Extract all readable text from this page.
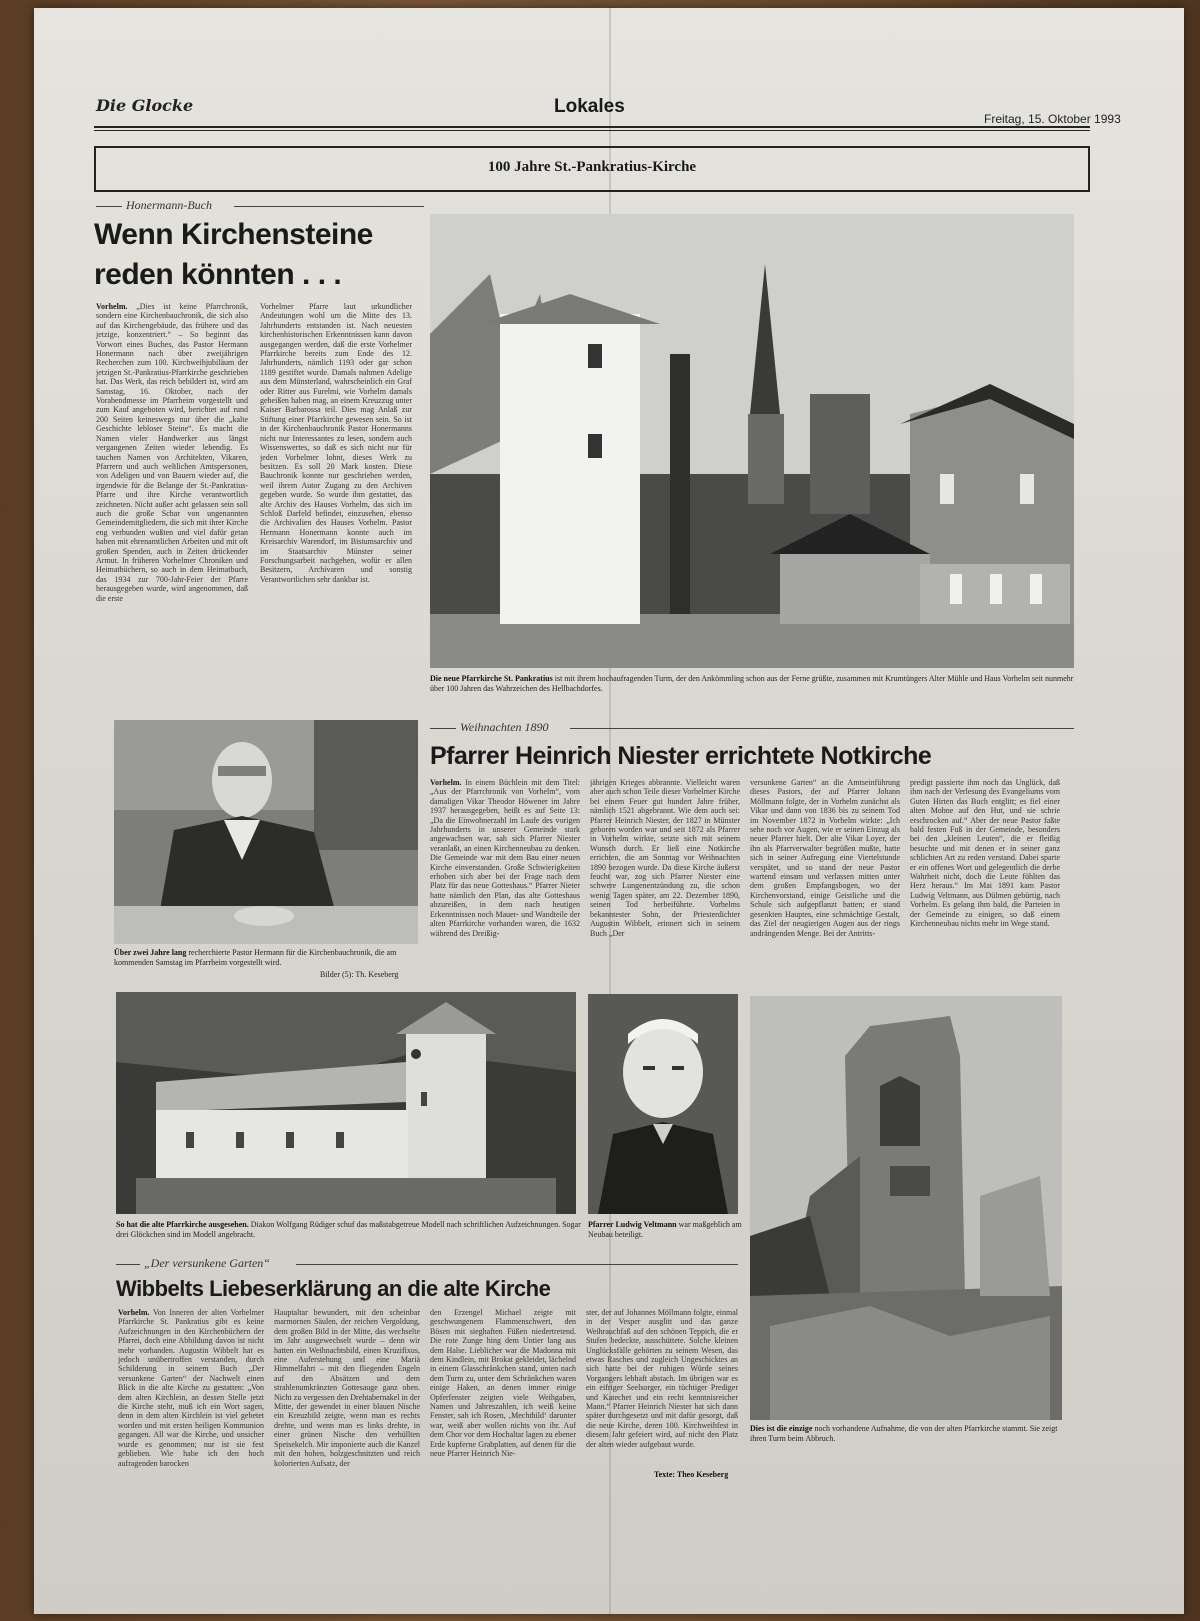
Die Glocke	Lokales
Freitag, 15. Oktober 1993
100 Jahre St.-Pankratius-Kirche
Honermann-Buch
Wenn Kirchensteine
reden könnten . . .
Vorhelm. „Dies ist keine Pfarrchronik, sondern eine Kirchenbauchronik, die sich also auf das Kirchengebäude, das frühere und das jetzige, konzentriert.“ – So beginnt das Vorwort eines Buches, das Pastor Hermann Honermann nach über zweijährigen Recherchen zum 100. Kirchweihjubiläum der jetzigen St.-Pankratius-Pfarrkirche geschrieben hat. Das Werk, das reich bebildert ist, wird am Samstag, 16. Oktober, nach der Vorabendmesse im Pfarrheim vorgestellt und zum Kauf angeboten wird, berichtet auf rund 200 Seiten keineswegs nur über die „kalte Geschichte lebloser Steine“. Es macht die Namen vieler Handwerker aus längst vergangenen Zeiten wieder lebendig. Es tauchen Namen von Architekten, Vikaren, Pfarrern und auch weltlichen Amtspersonen, von Adeligen und von Bauern wieder auf, die irgendwie für die Belange der St.-Pankratius-Pfarre und ihre Kirche verantwortlich zeichneten. Nicht außer acht gelassen sein soll auch die große Schar von ungenannten Gemeindemitgliedern, die sich mit ihrer Kirche eng verbunden wußten und viel dafür getan haben mit ehrenamtlichen Arbeiten und mit oft großen Spenden, auch in Zeiten drückender Armut. In früheren Vorhelmer Chroniken und Heimatbüchern, so auch in dem Heimatbuch, das 1934 zur 700-Jahr-Feier der Pfarre herausgegeben wurde, wird angenommen, daß die erste
Vorhelmer Pfarre laut urkundlicher Andeutungen wohl um die Mitte des 13. Jahrhunderts entstanden ist. Nach neuesten kirchenhistorischen Erkenntnissen kann davon ausgegangen werden, daß die erste Vorhelmer Pfarrkirche bereits zum Ende des 12. Jahrhunderts, nämlich 1193 oder gar schon 1189 gestiftet wurde. Damals nahmen Adelige aus dem Münsterland, wahrscheinlich ein Graf oder Ritter aus Furelmi, wie Vorhelm damals geheißen haben mag, an einem Kreuzzug unter Kaiser Barbarossa teil. Dies mag Anlaß zur Stiftung einer Pfarrkirche gewesen sein. So ist in der Kirchenbauchronik Pastor Honermanns nicht nur Interessantes zu lesen, sondern auch Wissenswertes, so daß es sich nicht nur für jeden Vorhelmer lohnt, dieses Werk zu besitzen. Es soll 20 Mark kosten. Diese Bauchronik konnte nur geschrieben werden, weil ihrem Autor Zugang zu den Archiven gegeben wurde. So wurde ihm gestattet, das alte Archiv des Hauses Vorhelm, das sich im Schloß Darfeld befindet, einzusehen, ebenso die Archivalien des Hauses Vorhelm. Pastor Hermann Honermann konnte auch im Kreisarchiv Warendorf, im Bistumsarchiv und im Staatsarchiv Münster seiner Forschungsarbeit nachgehen, wofür er allen Besitzern, Archivaren und sonstig Verantwortlichen sehr dankbar ist.
Die neue Pfarrkirche St. Pankratius ist mit ihrem hochaufragenden Turm, der den Ankömmling schon aus der Ferne grüßte, zusammen mit Krumtüngers Alter Mühle und Haus Vorhelm seit nunmehr über 100 Jahren das Wahrzeichen des Hellbachdorfes.
Über zwei Jahre lang recherchierte Pastor Hermann für die Kirchenbauchronik, die am kommenden Samstag im Pfarrheim vorgestellt wird.
Bilder (5): Th. Keseberg
Weihnachten 1890
Pfarrer Heinrich Niester errichtete Notkirche
Vorhelm. In einem Büchlein mit dem Titel: „Aus der Pfarrchronik von Vorhelm“, vom damaligen Vikar Theodor Höwener im Jahre 1937 herausgegeben, heißt es auf Seite 13: „Da die Einwohnerzahl im Laufe des vorigen Jahrhunderts in unserer Gemeinde stark angewachsen war, sah sich Pfarrer Niester veranlaßt, an einen Kirchenneubau zu denken. Die Gemeinde war mit dem Bau einer neuen Kirche einverstanden. Große Schwierigkeiten erhoben sich aber bei der Frage nach dem Platz für das neue Gotteshaus.“ Pfarrer Nieter hatte nämlich den Plan, das alte Gotteshaus abzureißen, in dem nach heutigen Erkenntnissen noch Mauer- und Wandteile der alten Pfarrkirche vorhanden waren, die 1632 während des Dreißig-
jährigen Krieges abbrannte. Vielleicht waren aber auch schon Teile dieser Vorhelmer Kirche bei einem Feuer gut hundert Jahre früher, nämlich 1521 abgebrannt. Wie dem auch sei: Pfarrer Heinrich Niester, der 1827 in Münster geboren worden war und seit 1872 als Pfarrer in Vorhelm wirkte, setzte sich mit seinem Wunsch durch. Er ließ eine Notkirche errichten, die am Sonntag vor Weihnachten 1890 bezogen wurde. Da diese Kirche äußerst feucht war, zog sich Pfarrer Niester eine schwere Lungenentzündung zu, die schon wenig Tagen später, am 22. Dezember 1890, seinen Tod herbeiführte. Vorhelms bekanntester Sohn, der Priesterdichter Augustin Wibbelt, erinnert sich in seinem Buch „Der
versunkene Garten“ an die Amtseinführung dieses Pastors, der auf Pfarrer Johann Möllmann folgte, der in Vorhelm zunächst als Vikar und dann von 1836 bis zu seinem Tod im November 1872 in Vorhelm wirkte: „Ich sehe noch vor Augen, wie er seinen Einzug als neuer Pfarrer hielt. Der alte Vikar Loyer, der ihn als Pfarrverwalter begrüßen mußte, hatte sich in seiner Aufregung eine Viertelstunde verspätet, und so stand der neue Pastor wartend einsam und verlassen mitten unter dem großen Empfangsbogen, wo der Kirchenvorstand, einige Geistliche und die Schule sich aufgepflanzt hatten; er stand gesenkten Hauptes, eine schmächtige Gestalt, das Ziel der neugierigen Augen aus der rings andrängenden Menge. Bei der Antritts-
predigt passierte ihm noch das Unglück, daß ihm nach der Verlesung des Evangeliums vom Guten Hirten das Buch entglitt; es fiel einer alten Mohne auf den Hut, und sie schrie erschrocken auf.“ Aber der neue Pastor faßte bald festen Fuß in der Gemeinde, besonders bei den „kleinen Leuten“, die er fleißig besuchte und mit denen er in seiner ganz schlichten Art zu reden verstand. Dabei sparte er ein offenes Wort und gelegentlich die derbe Wahrheit nicht, doch die Leute fühlten das Herz heraus.“ Im Mai 1891 kam Pastor Ludwig Veltmann, aus Dülmen gebürtig, nach Vorhelm. Es gelang ihm bald, die Parteien in der Gemeinde zu einigen, so daß einem Kirchenneubau nichts mehr im Wege stand.
So hat die alte Pfarrkirche ausgesehen. Diakon Wolfgang Rüdiger schuf das maßstabgetreue Modell nach schriftlichen Aufzeichnungen. Sogar drei Glöckchen sind im Modell angebracht.
Pfarrer Ludwig Veltmann war maßgeblich am Neubau beteiligt.
Dies ist die einzige noch vorhandene Aufnahme, die von der alten Pfarrkirche stammt. Sie zeigt ihren Turm beim Abbruch.
„Der versunkene Garten“
Wibbelts Liebeserklärung an die alte Kirche
Vorhelm. Von Inneren der alten Vorhelmer Pfarrkirche St. Pankratius gibt es keine Aufzeichnungen in den Kirchenbüchern der Pfarrei, doch eine Abbildung davon ist nicht mehr vorhanden. Augustin Wibbelt hat es jedoch unübertroffen verstanden, durch Schilderung in seinem Buch „Der versunkene Garten“ der Nachwelt einen Blick in die alte Kirche zu gestatten: „Von dem alten Kirchlein, an dessen Stelle jetzt die Kirche steht, muß ich ein Wort sagen, denn in dem alten Kirchlein ist viel gebetet worden und mit ersten heiligen Kommunion gegangen. All war die Kirche, und unsicher wurde es genommen; nur ist sie fest geblieben. Wie habe ich den hoch aufragenden barocken
Hauptaltar bewundert, mit den scheinbar marmornen Säulen, der reichen Vergoldung, dem großen Bild in der Mitte, das wechselte im Jahr ausgewechselt wurde – denn wir hatten ein Weihnachtsbild, einen Kruzifixus, eine Auferstehung und eine Mariä Himmelfahrt – mit den fliegenden Engeln auf den Absätzen und dem strahlenumkränzten Gottesauge ganz oben. Nicht zu vergessen den Drehtabernakel in der Mitte, der gewendet in einer blauen Nische ein Kreuzbild zeigte, wenn man es rechts drehte, und wenn man es links drehte, in einer grünen Nische den verhüllten Speisekelch. Mir imponierte auch die Kanzel mit den hohen, holzgeschnitzten und reich kolorierten Aufsatz, der
den Erzengel Michael zeigte mit geschwungenem Flammenschwert, den Bösen mit sieghaften Füßen niedertretend. Die rote Zunge hing dem Untier lang aus dem Halse. Lieblicher war die Madonna mit dem Kindlein, mit Brokat gekleidet, lächelnd in einem Glasschränkchen stand, unten nach dem Turm zu, unter dem Schränkchen waren einige Haken, an denen immer einige Opferfenster zeigten viele Weihgaben, Namen und Jahreszahlen, ich weiß keine Fenster, sah ich Rosen, ‚Mechthild‘ darunter war, weiß aber wollen nichts von ihr. Auf dem Chor vor dem Hochaltar lagen zu ebener Erde kupferne Grabplatten, auf denen für die neue Pfarrer Heinrich Nie-
ster, der auf Johannes Möllmann folgte, einmal in der Vesper ausglitt und das ganze Weihrauchfaß auf den schönen Teppich, die er Stufen bedeckte, ausschüttete. Solche kleinen Unglücksfälle gehörten zu seinem Wesen, das etwas Rasches und zugleich Ungeschicktes an sich hatte bei der ruhigen Würde seines Vorgangers lebhaft abstach. Im übrigen war es ein eifriger Seelsorger, ein tüchtiger Prediger und Katechet und ein recht kenntnisreicher Mann.“ Pfarrer Heinrich Niester hat sich dann später durchgesetzt und mit dafür gesorgt, daß die neue Kirche, deren 100. Kirchweihfest in diesem Jahr gefeiert wird, auf nicht den Platz der alten wieder aufgebaut wurde.
Texte: Theo Keseberg
